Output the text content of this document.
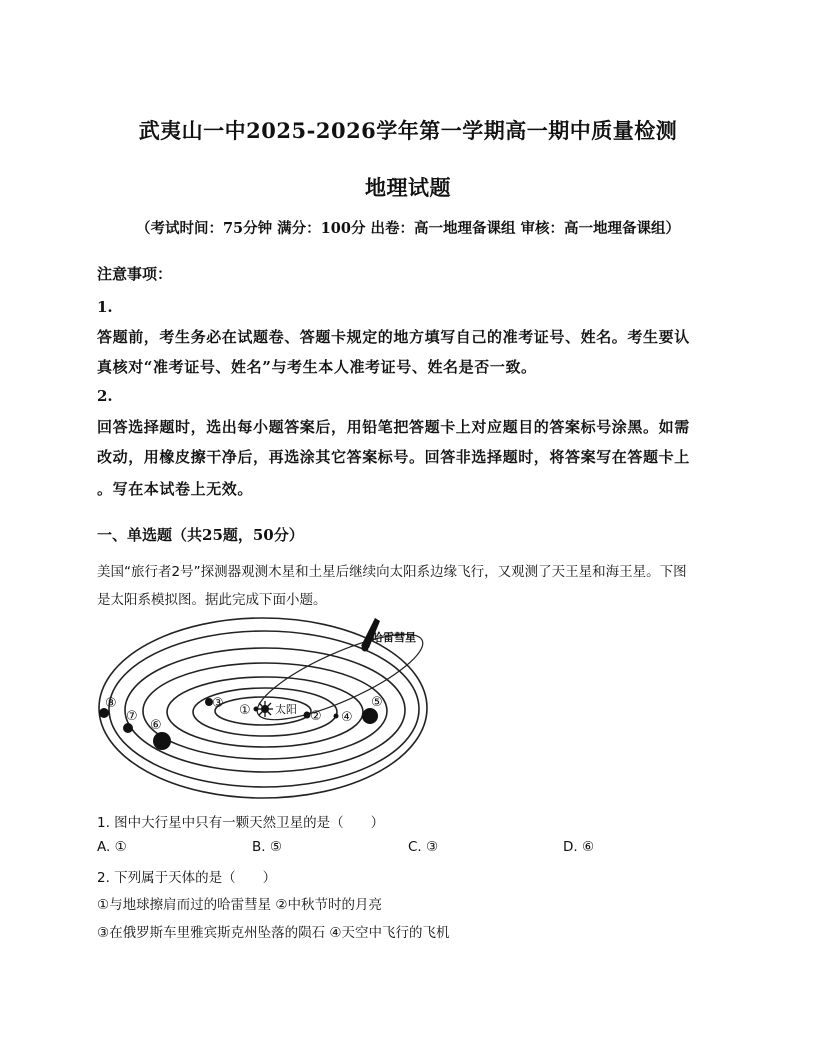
武夷山一中2025-2026学年第一学期高一期中质量检测
地理试题
（考试时间：75分钟 满分：100分 出卷：高一地理备课组 审核：高一地理备课组）
注意事项：
1.
答题前，考生务必在试题卷、答题卡规定的地方填写自己的准考证号、姓名。考生要认
真核对“准考证号、姓名”与考生本人准考证号、姓名是否一致。
2.
回答选择题时，选出每小题答案后，用铅笔把答题卡上对应题目的答案标号涂黑。如需
改动，用橡皮擦干净后，再选涂其它答案标号。回答非选择题时，将答案写在答题卡上
。写在本试卷上无效。
一、单选题（共25题，50分）
美国“旅行者2号”探测器观测木星和土星后继续向太阳系边缘飞行，又观测了天王星和海王星。下图
是太阳系模拟图。据此完成下面小题。
哈雷彗星
太阳
①	②
③
④
⑤
⑥
⑦
⑧
1. 图中大行星中只有一颗天然卫星的是（　　）
A. ①	B. ⑤	C. ③	D. ⑥
2. 下列属于天体的是（　　）
①与地球擦肩而过的哈雷彗星 ②中秋节时的月亮
③在俄罗斯车里雅宾斯克州坠落的陨石 ④天空中飞行的飞机
